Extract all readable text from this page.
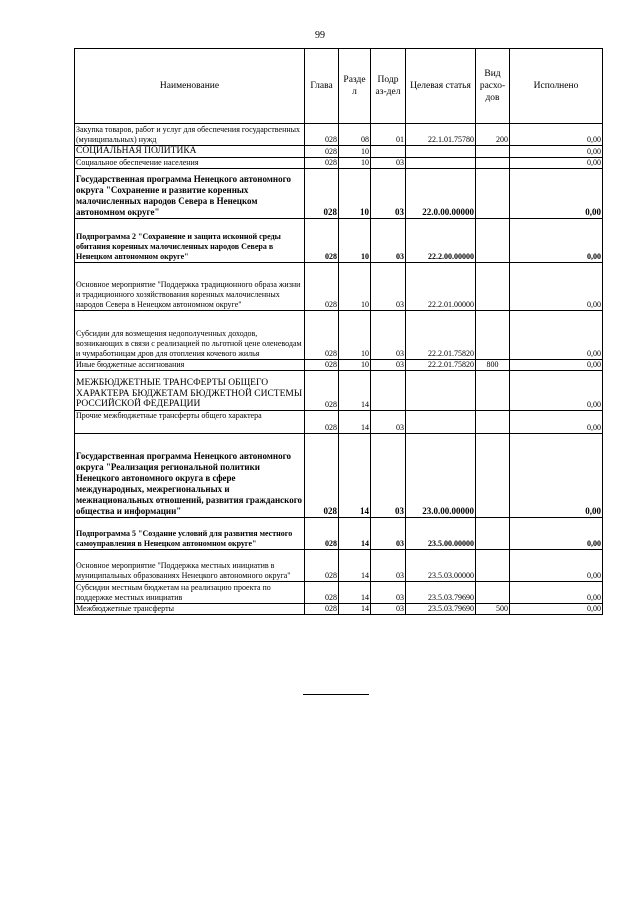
99
Наименование	Глава	Разде л	Подр аз-дел	Целевая статья	Вид расхо- дов	Исполнено
Закупка товаров, работ и услуг для обеспечения государственных (муниципальных) нужд	028	08	01	22.1.01.75780	200	0,00
СОЦИАЛЬНАЯ ПОЛИТИКА	028	10				0,00
Социальное обеспечение населения	028	10	03			0,00
Государственная программа Ненецкого автономного округа "Сохранение и развитие коренных малочисленных народов Севера в Ненецком автономном округе"	028	10	03	22.0.00.00000		0,00
Подпрограмма 2 "Сохранение и защита исконной среды обитания коренных малочисленных народов Севера в Ненецком автономном округе"	028	10	03	22.2.00.00000		0,00
Основное мероприятие "Поддержка традиционного образа жизни и традиционного хозяйствования коренных малочисленных народов Севера в Ненецком автономном округе"	028	10	03	22.2.01.00000		0,00
Субсидии для возмещения недополученных доходов, возникающих в связи с реализацией по льготной цене оленеводам и чумработницам дров для отопления кочевого жилья	028	10	03	22.2.01.75820		0,00
Иные бюджетные ассигнования	028	10	03	22.2.01.75820	800	0,00
МЕЖБЮДЖЕТНЫЕ ТРАНСФЕРТЫ ОБЩЕГО ХАРАКТЕРА БЮДЖЕТАМ БЮДЖЕТНОЙ СИСТЕМЫ РОССИЙСКОЙ ФЕДЕРАЦИИ	028	14				0,00
Прочие межбюджетные трансферты общего характера	028	14	03			0,00
Государственная программа Ненецкого автономного округа "Реализация региональной политики Ненецкого автономного округа в сфере международных, межрегиональных и межнациональных отношений, развития гражданского общества и информации"	028	14	03	23.0.00.00000		0,00
Подпрограмма 5 "Создание условий для развития местного самоуправления в Ненецком автономном округе"	028	14	03	23.5.00.00000		0,00
Основное мероприятие "Поддержка местных инициатив в муниципальных образованиях Ненецкого автономного округа"	028	14	03	23.5.03.00000		0,00
Субсидии местным бюджетам на реализацию проекта по поддержке местных инициатив	028	14	03	23.5.03.79690		0,00
Межбюджетные трансферты	028	14	03	23.5.03.79690	500	0,00
